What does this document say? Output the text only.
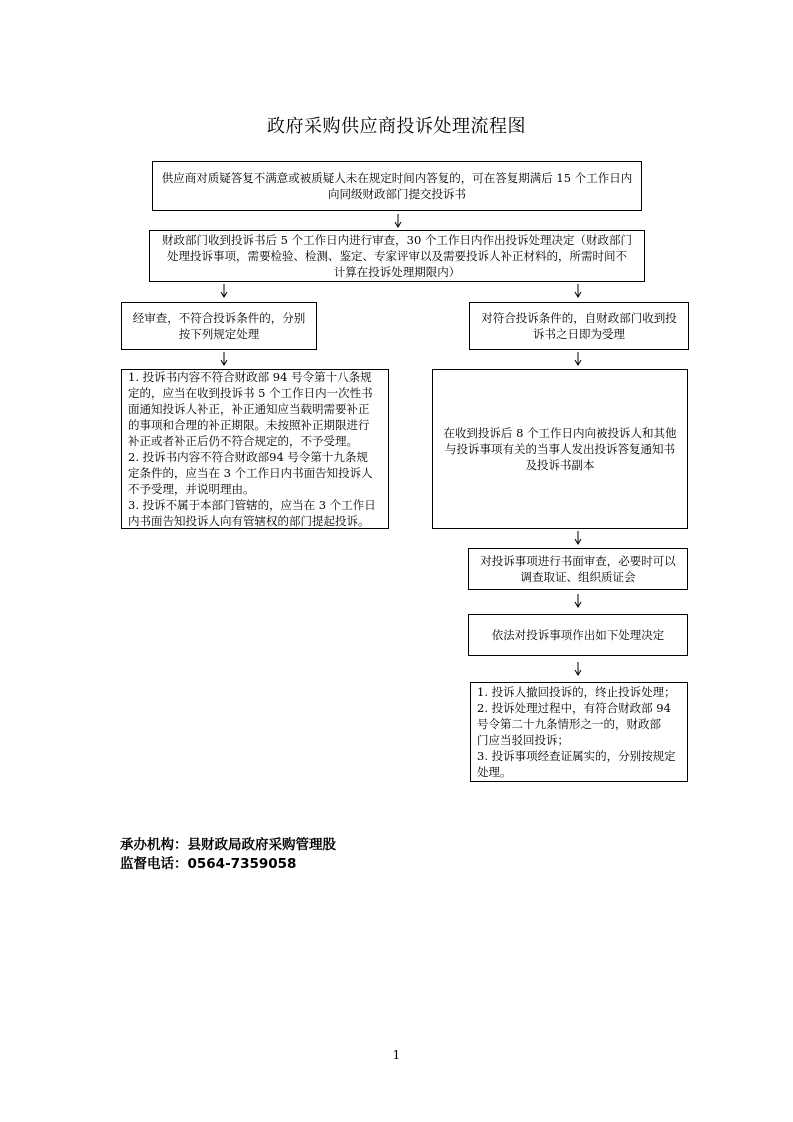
政府采购供应商投诉处理流程图
供应商对质疑答复不满意或被质疑人未在规定时间内答复的，可在答复期满后 15 个工作日内
向同级财政部门提交投诉书
财政部门收到投诉书后 5 个工作日内进行审查，30 个工作日内作出投诉处理决定（财政部门
处理投诉事项，需要检验、检测、鉴定、专家评审以及需要投诉人补正材料的，所需时间不
计算在投诉处理期限内）
经审查，不符合投诉条件的，分别
按下列规定处理
1. 投诉书内容不符合财政部 94 号令第十八条规
定的，应当在收到投诉书 5 个工作日内一次性书
面通知投诉人补正，补正通知应当载明需要补正
的事项和合理的补正期限。未按照补正期限进行
补正或者补正后仍不符合规定的，不予受理。
2. 投诉书内容不符合财政部94 号令第十九条规
定条件的，应当在 3 个工作日内书面告知投诉人
不予受理，并说明理由。
3. 投诉不属于本部门管辖的，应当在 3 个工作日
内书面告知投诉人向有管辖权的部门提起投诉。
对符合投诉条件的，自财政部门收到投
诉书之日即为受理
在收到投诉后 8 个工作日内向被投诉人和其他
与投诉事项有关的当事人发出投诉答复通知书
及投诉书副本
对投诉事项进行书面审查，必要时可以
调查取证、组织质证会
依法对投诉事项作出如下处理决定
1. 投诉人撤回投诉的，终止投诉处理；
2. 投诉处理过程中，有符合财政部 94
号令第二十九条情形之一的，财政部
门应当驳回投诉；
3. 投诉事项经查证属实的，分别按规定
处理。
承办机构：县财政局政府采购管理股
监督电话：0564-7359058
1
